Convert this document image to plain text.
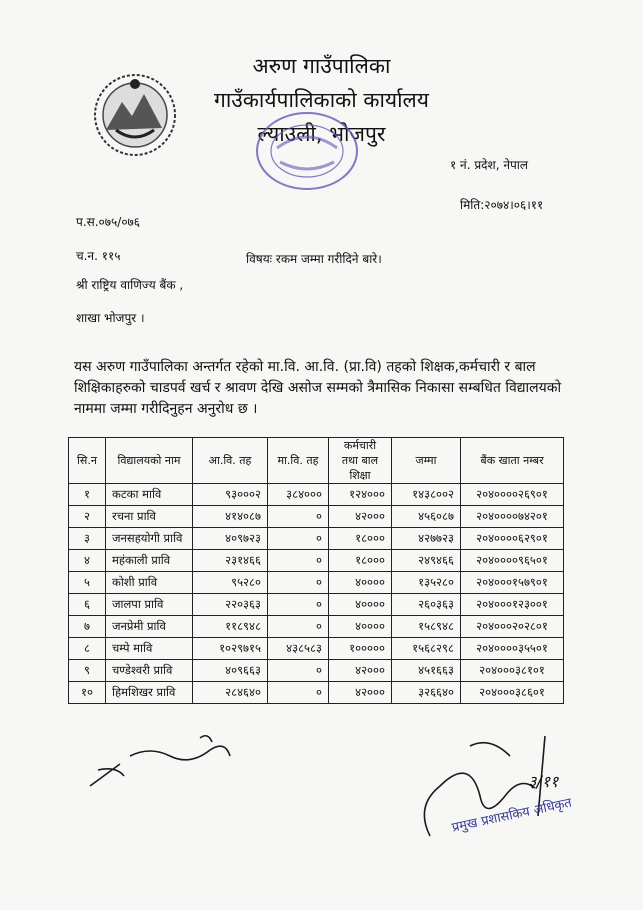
अरुण गाउँपालिका
गाउँकार्यपालिकाको कार्यालय
ल्याउली, भोजपुर
१ नं. प्रदेश, नेपाल
मिति:२०७४।०६।११
प.स.०७५/०७६
च.न. ११५	विषयः रकम जम्मा गरीदिने बारे।
श्री राष्ट्रिय वाणिज्य बैंक ,
शाखा भोजपुर ।
यस अरुण गाउँपालिका अन्तर्गत रहेको मा.वि. आ.वि. (प्रा.वि) तहको शिक्षक,कर्मचारी र बाल शिक्षिकाहरुको चाडपर्व खर्च र श्रावण देखि असोज सम्मको त्रैमासिक निकासा सम्बधित विद्यालयको नाममा जम्मा गरीदिनुहन अनुरोध छ ।
सि.न	विद्यालयको नाम	आ.वि. तह	मा.वि. तह	कर्मचारी तथा बाल शिक्षा	जम्मा	बैंक खाता नम्बर
१	कटका मावि	९३०००२	३८४०००	१२४०००	१४३८००२	२०४००००२६९०१
२	रचना प्रावि	४१४०८७	०	४२०००	४५६०८७	२०४००००७४२०१
३	जनसहयोगी प्रावि	४०९७२३	०	१८०००	४२७७२३	२०४००००६२९०१
४	महंकाली प्रावि	२३१४६६	०	१८०००	२४९४६६	२०४००००९६५०१
५	कोशी प्रावि	९५२८०	०	४००००	१३५२८०	२०४०००१५७९०१
६	जालपा प्रावि	२२०३६३	०	४००००	२६०३६३	२०४०००१२३००१
७	जनप्रेमी प्रावि	११८९४८	०	४००००	१५८९४८	२०४०००२०२८०१
८	चम्पे मावि	१०२९७१५	४३८५८३	१०००००	१५६८२९८	२०४००००३५५०१
९	चण्डेश्वरी प्रावि	४०९६६३	०	४२०००	४५१६६३	२०४०००३८१०१
१०	हिमशिखर प्रावि	२८४६४०	०	४२०००	३२६६४०	२०४०००३८६०१
३/११
प्रमुख प्रशासकिय अधिकृत
